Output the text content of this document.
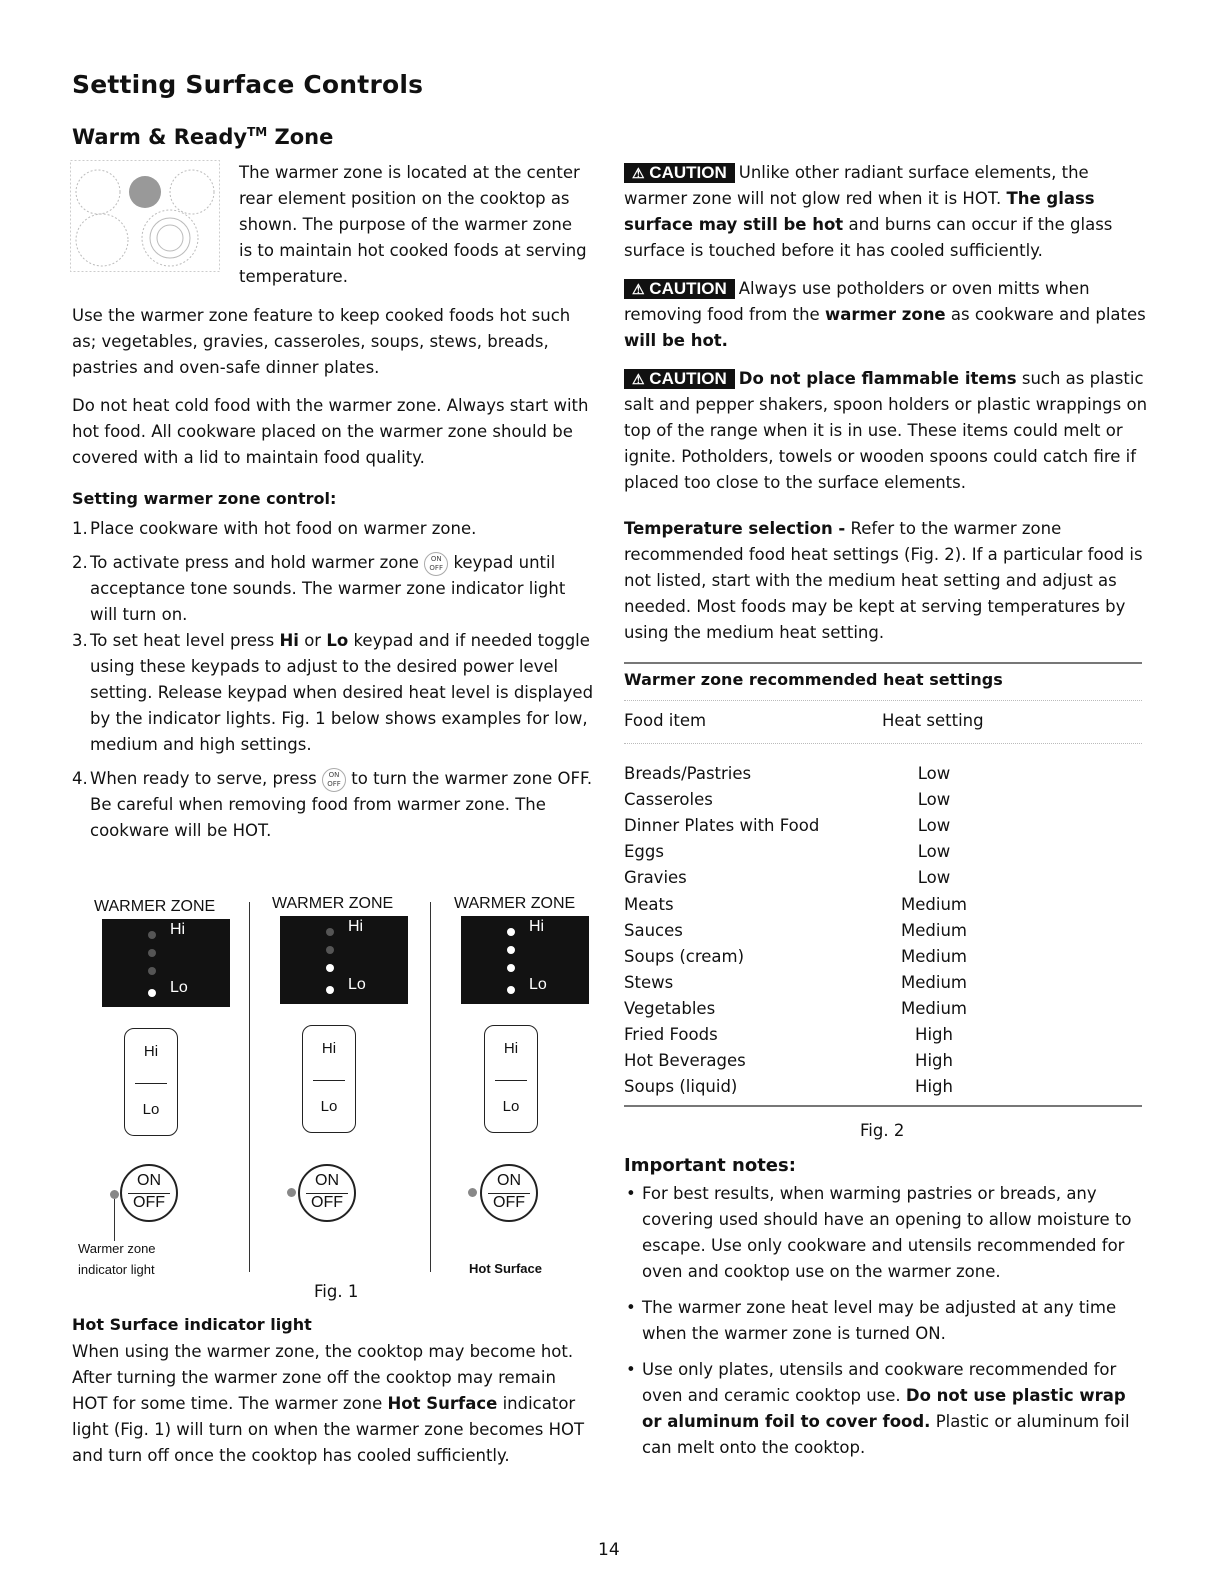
Setting Surface Controls
Warm & Ready™ Zone
The warmer zone is located at the center rear element position on the cooktop as shown. The purpose of the warmer zone is to maintain hot cooked foods at serving temperature.
Use the warmer zone feature to keep cooked foods hot such as; vegetables, gravies, casseroles, soups, stews, breads, pastries and oven-safe dinner plates.
Do not heat cold food with the warmer zone. Always start with hot food. All cookware placed on the warmer zone should be covered with a lid to maintain food quality.
Setting warmer zone control:
1. Place cookware with hot food on warmer zone.
2. To activate press and hold warmer zone ON
OFF keypad until acceptance tone sounds. The warmer zone indicator light will turn on.
3. To set heat level press Hi or Lo keypad and if needed toggle using these keypads to adjust to the desired power level setting. Release keypad when desired heat level is displayed by the indicator lights. Fig. 1 below shows examples for low, medium and high settings.
4. When ready to serve, press ON
OFF to turn the warmer zone OFF. Be careful when removing food from warmer zone. The cookware will be HOT.
WARMER ZONE
Hi
Lo
Hi
Lo
ON
OFF
Warmer zone
indicator light
WARMER ZONE
Hi
Lo
Hi
Lo
ON
OFF
WARMER ZONE
Hi
Lo
Hi
Lo
ON
OFF
Hot Surface
Fig. 1
Hot Surface indicator light
When using the warmer zone, the cooktop may become hot. After turning the warmer zone off the cooktop may remain HOT for some time. The warmer zone Hot Surface indicator light (Fig. 1) will turn on when the warmer zone becomes HOT and turn off once the cooktop has cooled sufficiently.
⚠ CAUTION Unlike other radiant surface elements, the warmer zone will not glow red when it is HOT. The glass surface may still be hot and burns can occur if the glass surface is touched before it has cooled sufficiently.
⚠ CAUTION Always use potholders or oven mitts when removing food from the warmer zone as cookware and plates will be hot.
⚠ CAUTION Do not place flammable items such as plastic salt and pepper shakers, spoon holders or plastic wrappings on top of the range when it is in use. These items could melt or ignite. Potholders, towels or wooden spoons could catch fire if placed too close to the surface elements.
Temperature selection - Refer to the warmer zone recommended food heat settings (Fig. 2). If a particular food is not listed, start with the medium heat setting and adjust as needed. Most foods may be kept at serving temperatures by using the medium heat setting.
Warmer zone recommended heat settings
Food item	Heat setting
Breads/Pastries	Low
Casseroles	Low
Dinner Plates with Food	Low
Eggs	Low
Gravies	Low
Meats	Medium
Sauces	Medium
Soups (cream)	Medium
Stews	Medium
Vegetables	Medium
Fried Foods	High
Hot Beverages	High
Soups (liquid)	High
Fig. 2
Important notes:
• For best results, when warming pastries or breads, any covering used should have an opening to allow moisture to escape. Use only cookware and utensils recommended for oven and cooktop use on the warmer zone.
• The warmer zone heat level may be adjusted at any time when the warmer zone is turned ON.
• Use only plates, utensils and cookware recommended for oven and ceramic cooktop use. Do not use plastic wrap or aluminum foil to cover food. Plastic or aluminum foil can melt onto the cooktop.
14
